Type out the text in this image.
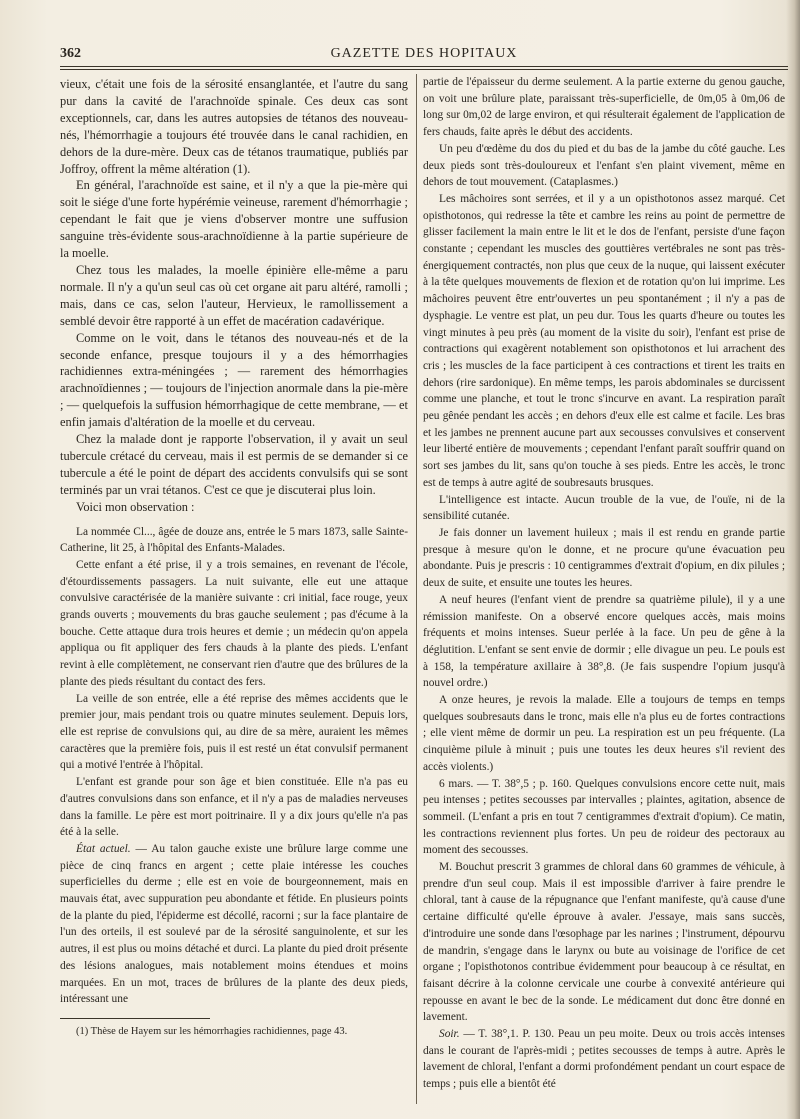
362	GAZETTE DES HOPITAUX

vieux, c'était une fois de la sérosité ensanglantée, et l'autre du sang pur dans la cavité de l'arachnoïde spinale. Ces deux cas sont exceptionnels, car, dans les autres autopsies de tétanos des nouveau-nés, l'hémorrhagie a toujours été trouvée dans le canal rachidien, en dehors de la dure-mère. Deux cas de tétanos traumatique, publiés par Joffroy, offrent la même altération (1).

En général, l'arachnoïde est saine, et il n'y a que la pie-mère qui soit le siége d'une forte hypérémie veineuse, rarement d'hémorrhagie ; cependant le fait que je viens d'observer montre une suffusion sanguine très-évidente sous-arachnoïdienne à la partie supérieure de la moelle.

Chez tous les malades, la moelle épinière elle-même a paru normale. Il n'y a qu'un seul cas où cet organe ait paru altéré, ramolli ; mais, dans ce cas, selon l'auteur, Hervieux, le ramollissement a semblé devoir être rapporté à un effet de macération cadavérique.

Comme on le voit, dans le tétanos des nouveau-nés et de la seconde enfance, presque toujours il y a des hémorrhagies rachidiennes extra-méningées ; — rarement des hémorrhagies arachnoïdiennes ; — toujours de l'injection anormale dans la pie-mère ; — quelquefois la suffusion hémorrhagique de cette membrane, — et enfin jamais d'altération de la moelle et du cerveau.

Chez la malade dont je rapporte l'observation, il y avait un seul tubercule crétacé du cerveau, mais il est permis de se demander si ce tubercule a été le point de départ des accidents convulsifs qui se sont terminés par un vrai tétanos. C'est ce que je discuterai plus loin.

Voici mon observation :

La nommée Cl..., âgée de douze ans, entrée le 5 mars 1873, salle Sainte-Catherine, lit 25, à l'hôpital des Enfants-Malades.

Cette enfant a été prise, il y a trois semaines, en revenant de l'école, d'étourdissements passagers. La nuit suivante, elle eut une attaque convulsive caractérisée de la manière suivante : cri initial, face rouge, yeux grands ouverts ; mouvements du bras gauche seulement ; pas d'écume à la bouche. Cette attaque dura trois heures et demie ; un médecin qu'on appela appliqua ou fit appliquer des fers chauds à la plante des pieds. L'enfant revint à elle complètement, ne conservant rien d'autre que des brûlures de la plante des pieds résultant du contact des fers.

La veille de son entrée, elle a été reprise des mêmes accidents que le premier jour, mais pendant trois ou quatre minutes seulement. Depuis lors, elle est reprise de convulsions qui, au dire de sa mère, auraient les mêmes caractères que la première fois, puis il est resté un état convulsif permanent qui a motivé l'entrée à l'hôpital.

L'enfant est grande pour son âge et bien constituée. Elle n'a pas eu d'autres convulsions dans son enfance, et il n'y a pas de maladies nerveuses dans la famille. Le père est mort poitrinaire. Il y a dix jours qu'elle n'a pas été à la selle.

État actuel. — Au talon gauche existe une brûlure large comme une pièce de cinq francs en argent ; cette plaie intéresse les couches superficielles du derme ; elle est en voie de bourgeonnement, mais en mauvais état, avec suppuration peu abondante et fétide. En plusieurs points de la plante du pied, l'épiderme est décollé, racorni ; sur la face plantaire de l'un des orteils, il est soulevé par de la sérosité sanguinolente, et sur les autres, il est plus ou moins détaché et durci. La plante du pied droit présente des lésions analogues, mais notablement moins étendues et moins marquées. En un mot, traces de brûlures de la plante des deux pieds, intéressant une

(1) Thèse de Hayem sur les hémorrhagies rachidiennes, page 43.

partie de l'épaisseur du derme seulement. A la partie externe du genou gauche, on voit une brûlure plate, paraissant très-superficielle, de 0m,05 à 0m,06 de long sur 0m,02 de large environ, et qui résulterait également de l'application de fers chauds, faite après le début des accidents.

Un peu d'œdème du dos du pied et du bas de la jambe du côté gauche. Les deux pieds sont très-douloureux et l'enfant s'en plaint vivement, même en dehors de tout mouvement. (Cataplasmes.)

Les mâchoires sont serrées, et il y a un opisthotonos assez marqué. Cet opisthotonos, qui redresse la tête et cambre les reins au point de permettre de glisser facilement la main entre le lit et le dos de l'enfant, persiste d'une façon constante ; cependant les muscles des gouttières vertébrales ne sont pas très-énergiquement contractés, non plus que ceux de la nuque, qui laissent exécuter à la tête quelques mouvements de flexion et de rotation qu'on lui imprime. Les mâchoires peuvent être entr'ouvertes un peu spontanément ; il n'y a pas de dysphagie. Le ventre est plat, un peu dur. Tous les quarts d'heure ou toutes les vingt minutes à peu près (au moment de la visite du soir), l'enfant est prise de contractions qui exagèrent notablement son opisthotonos et lui arrachent des cris ; les muscles de la face participent à ces contractions et tirent les traits en dehors (rire sardonique). En même temps, les parois abdominales se durcissent comme une planche, et tout le tronc s'incurve en avant. La respiration paraît peu gênée pendant les accès ; en dehors d'eux elle est calme et facile. Les bras et les jambes ne prennent aucune part aux secousses convulsives et conservent leur liberté entière de mouvements ; cependant l'enfant paraît souffrir quand on sort ses jambes du lit, sans qu'on touche à ses pieds. Entre les accès, le tronc est de temps à autre agité de soubresauts brusques.

L'intelligence est intacte. Aucun trouble de la vue, de l'ouïe, ni de la sensibilité cutanée.

Je fais donner un lavement huileux ; mais il est rendu en grande partie presque à mesure qu'on le donne, et ne procure qu'une évacuation peu abondante. Puis je prescris : 10 centigrammes d'extrait d'opium, en dix pilules ; deux de suite, et ensuite une toutes les heures.

A neuf heures (l'enfant vient de prendre sa quatrième pilule), il y a une rémission manifeste. On a observé encore quelques accès, mais moins fréquents et moins intenses. Sueur perlée à la face. Un peu de gêne à la déglutition. L'enfant se sent envie de dormir ; elle divague un peu. Le pouls est à 158, la température axillaire à 38°,8. (Je fais suspendre l'opium jusqu'à nouvel ordre.)

A onze heures, je revois la malade. Elle a toujours de temps en temps quelques soubresauts dans le tronc, mais elle n'a plus eu de fortes contractions ; elle vient même de dormir un peu. La respiration est un peu fréquente. (La cinquième pilule à minuit ; puis une toutes les deux heures s'il revient des accès violents.)

6 mars. — T. 38°,5 ; p. 160. Quelques convulsions encore cette nuit, mais peu intenses ; petites secousses par intervalles ; plaintes, agitation, absence de sommeil. (L'enfant a pris en tout 7 centigrammes d'extrait d'opium). Ce matin, les contractions reviennent plus fortes. Un peu de roideur des pectoraux au moment des secousses.

M. Bouchut prescrit 3 grammes de chloral dans 60 grammes de véhicule, à prendre d'un seul coup. Mais il est impossible d'arriver à faire prendre le chloral, tant à cause de la répugnance que l'enfant manifeste, qu'à cause d'une certaine difficulté qu'elle éprouve à avaler. J'essaye, mais sans succès, d'introduire une sonde dans l'œsophage par les narines ; l'instrument, dépourvu de mandrin, s'engage dans le larynx ou bute au voisinage de l'orifice de cet organe ; l'opisthotonos contribue évidemment pour beaucoup à ce résultat, en faisant décrire à la colonne cervicale une courbe à convexité antérieure qui repousse en avant le bec de la sonde. Le médicament dut donc être donné en lavement.

Soir. — T. 38°,1. P. 130. Peau un peu moite. Deux ou trois accès intenses dans le courant de l'après-midi ; petites secousses de temps à autre. Après le lavement de chloral, l'enfant a dormi profondément pendant un court espace de temps ; puis elle a bientôt été
